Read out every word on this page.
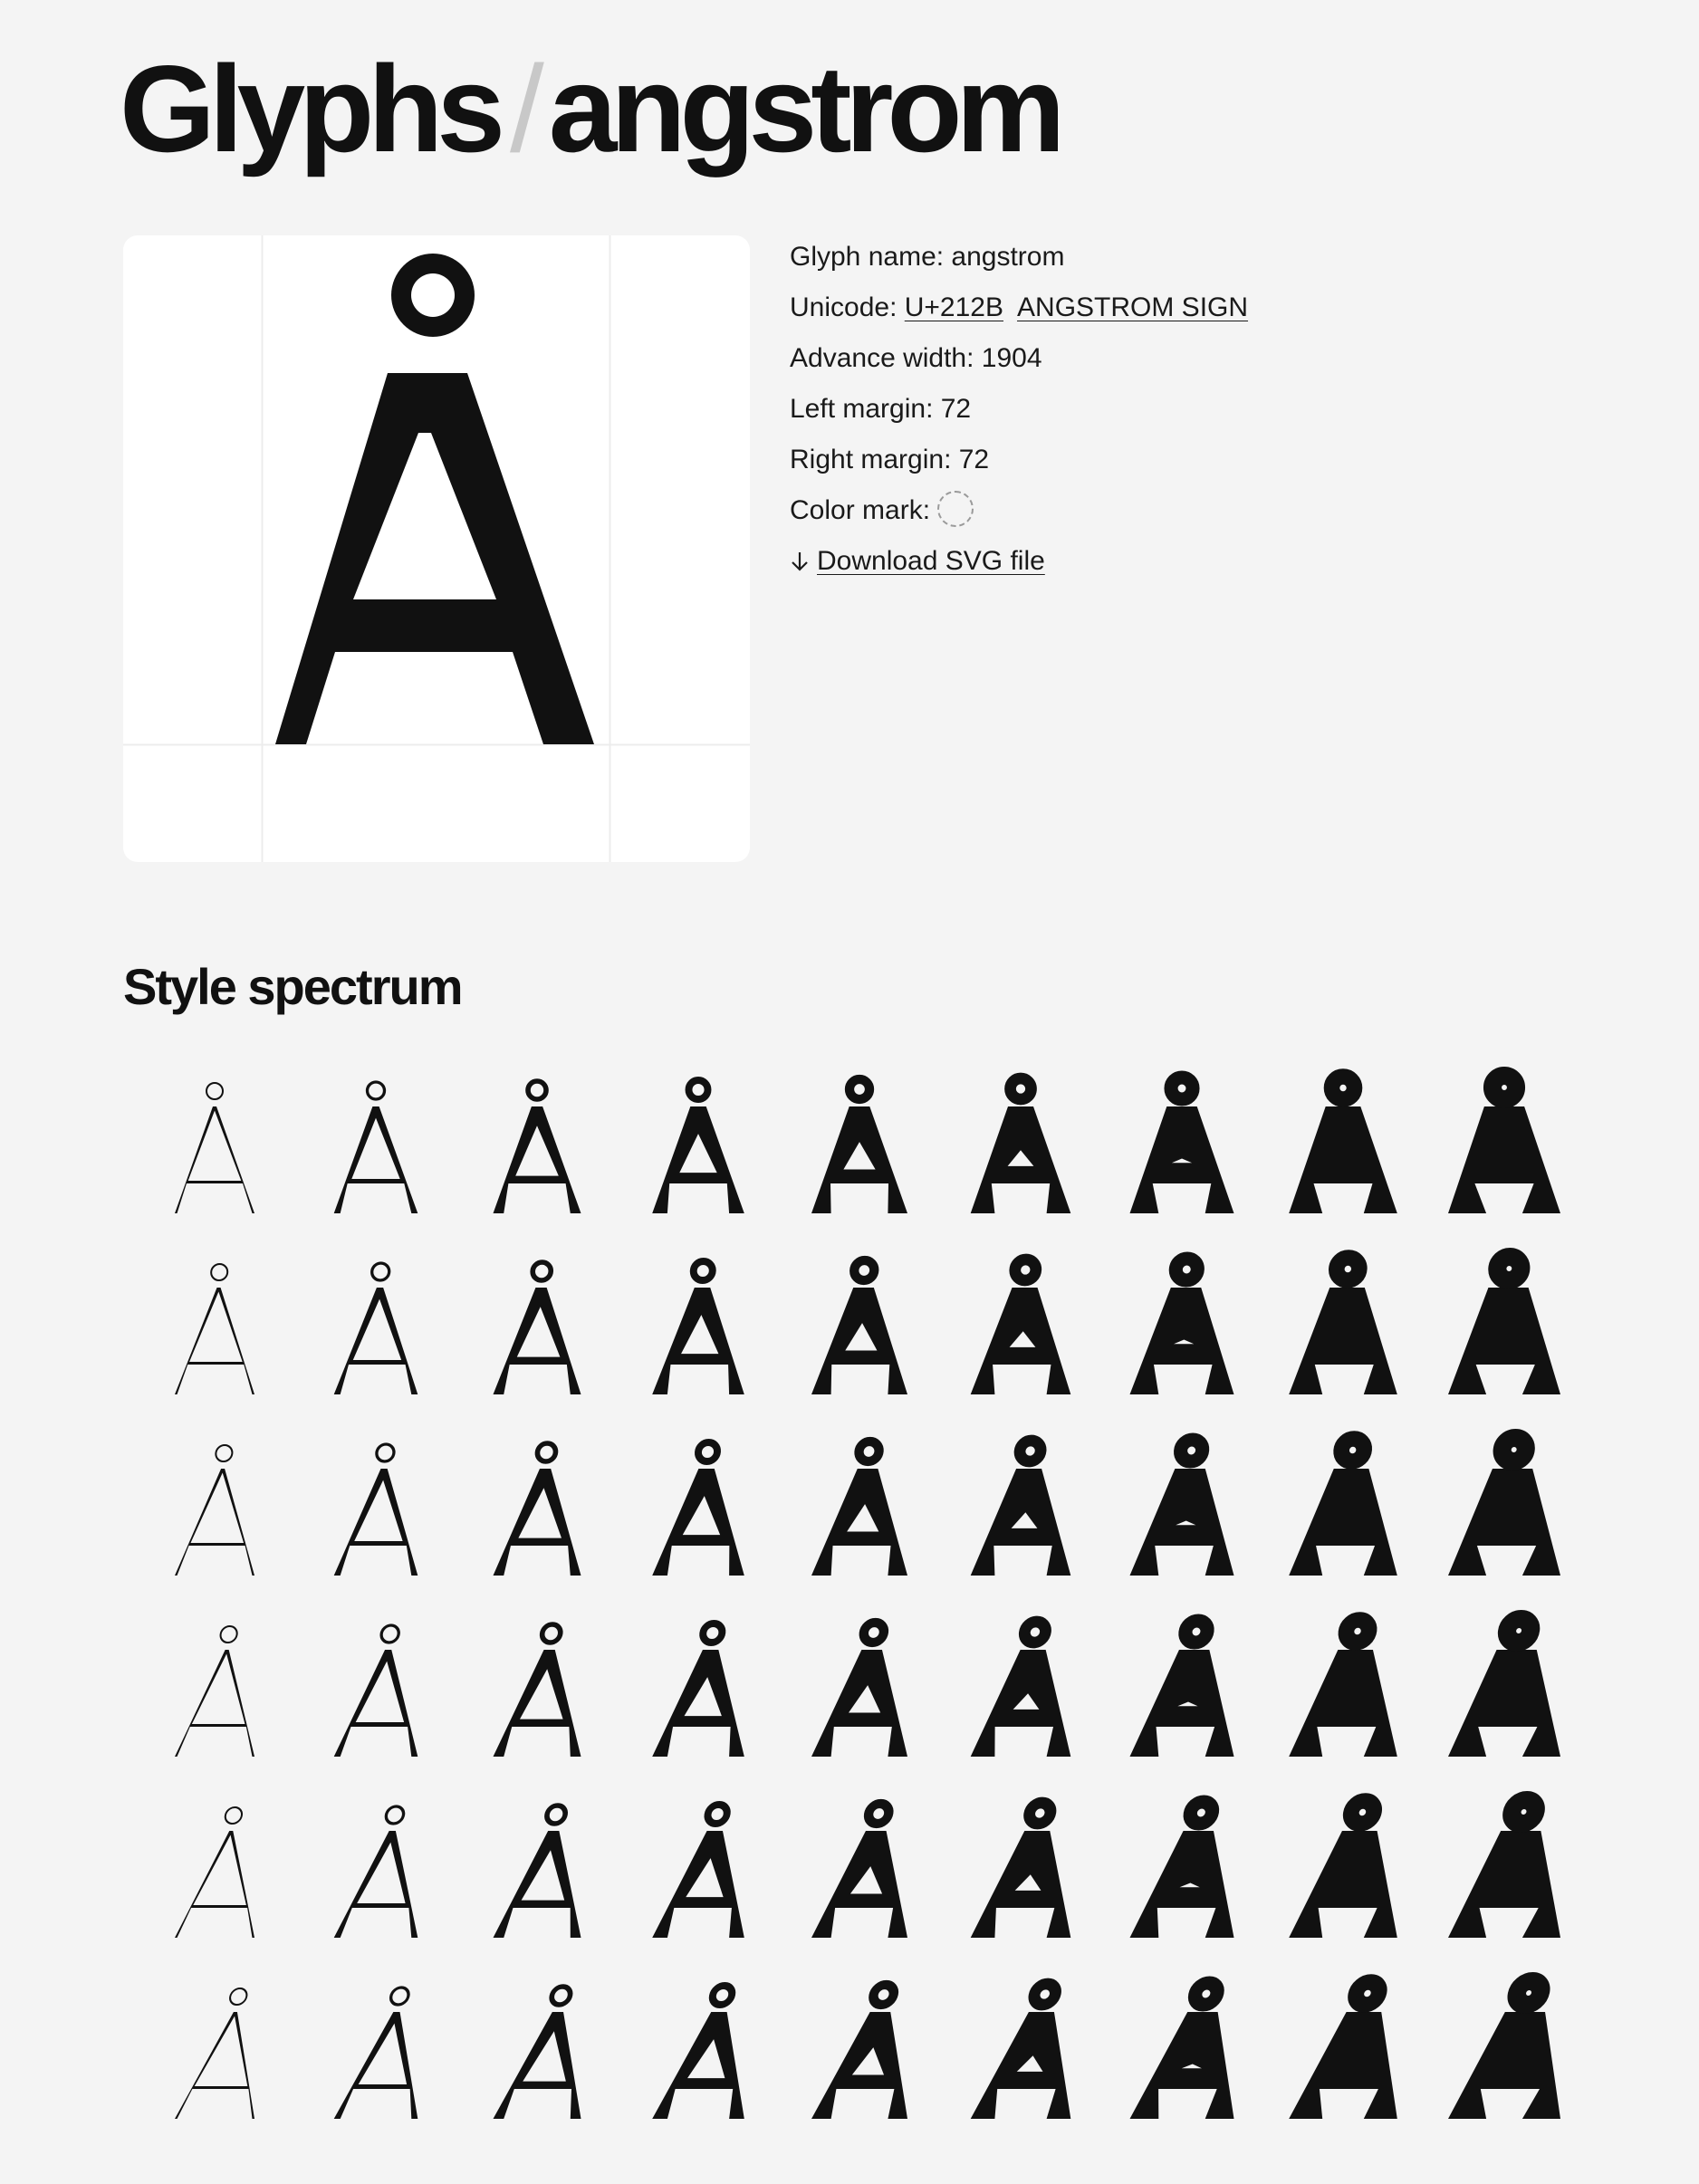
Glyphs/angstrom
Glyph name: angstrom
Unicode: U+212B ANGSTROM SIGN
Advance width: 1904
Left margin: 72
Right margin: 72
Color mark:
Download SVG file
Style spectrum
